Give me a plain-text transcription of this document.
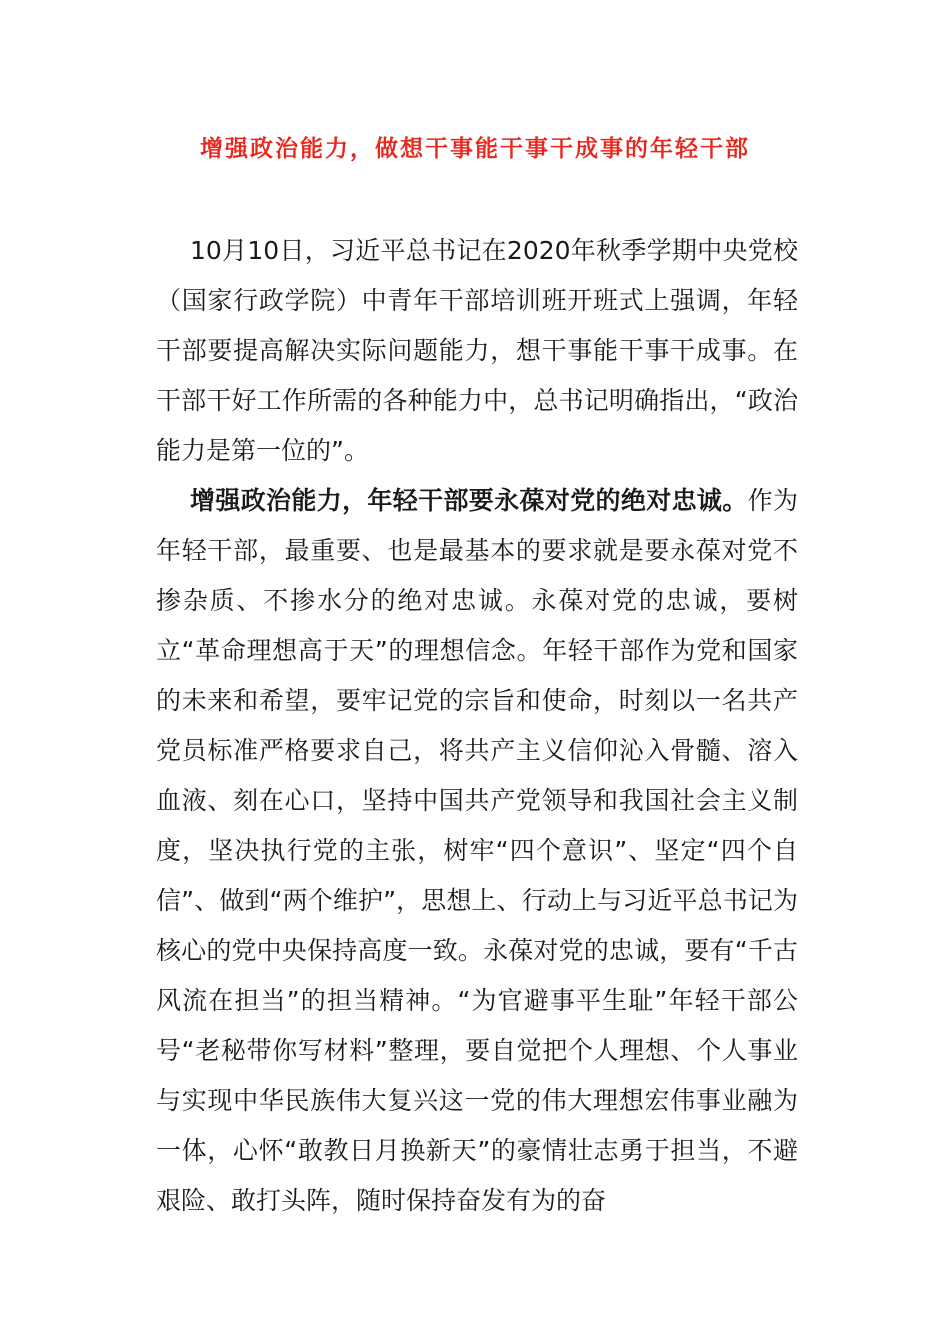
增强政治能力，做想干事能干事干成事的年轻干部

10月10日，习近平总书记在2020年秋季学期中央党校（国家行政学院）中青年干部培训班开班式上强调，年轻干部要提高解决实际问题能力，想干事能干事干成事。在干部干好工作所需的各种能力中，总书记明确指出，“政治能力是第一位的”。

增强政治能力，年轻干部要永葆对党的绝对忠诚。作为年轻干部，最重要、也是最基本的要求就是要永葆对党不掺杂质、不掺水分的绝对忠诚。永葆对党的忠诚，要树立“革命理想高于天”的理想信念。年轻干部作为党和国家的未来和希望，要牢记党的宗旨和使命，时刻以一名共产党员标准严格要求自己，将共产主义信仰沁入骨髓、溶入血液、刻在心口，坚持中国共产党领导和我国社会主义制度，坚决执行党的主张，树牢“四个意识”、坚定“四个自信”、做到“两个维护”，思想上、行动上与习近平总书记为核心的党中央保持高度一致。永葆对党的忠诚，要有“千古风流在担当”的担当精神。“为官避事平生耻”年轻干部公号“老秘带你写材料”整理，要自觉把个人理想、个人事业与实现中华民族伟大复兴这一党的伟大理想宏伟事业融为一体，心怀“敢教日月换新天”的豪情壮志勇于担当，不避艰险、敢打头阵，随时保持奋发有为的奋
